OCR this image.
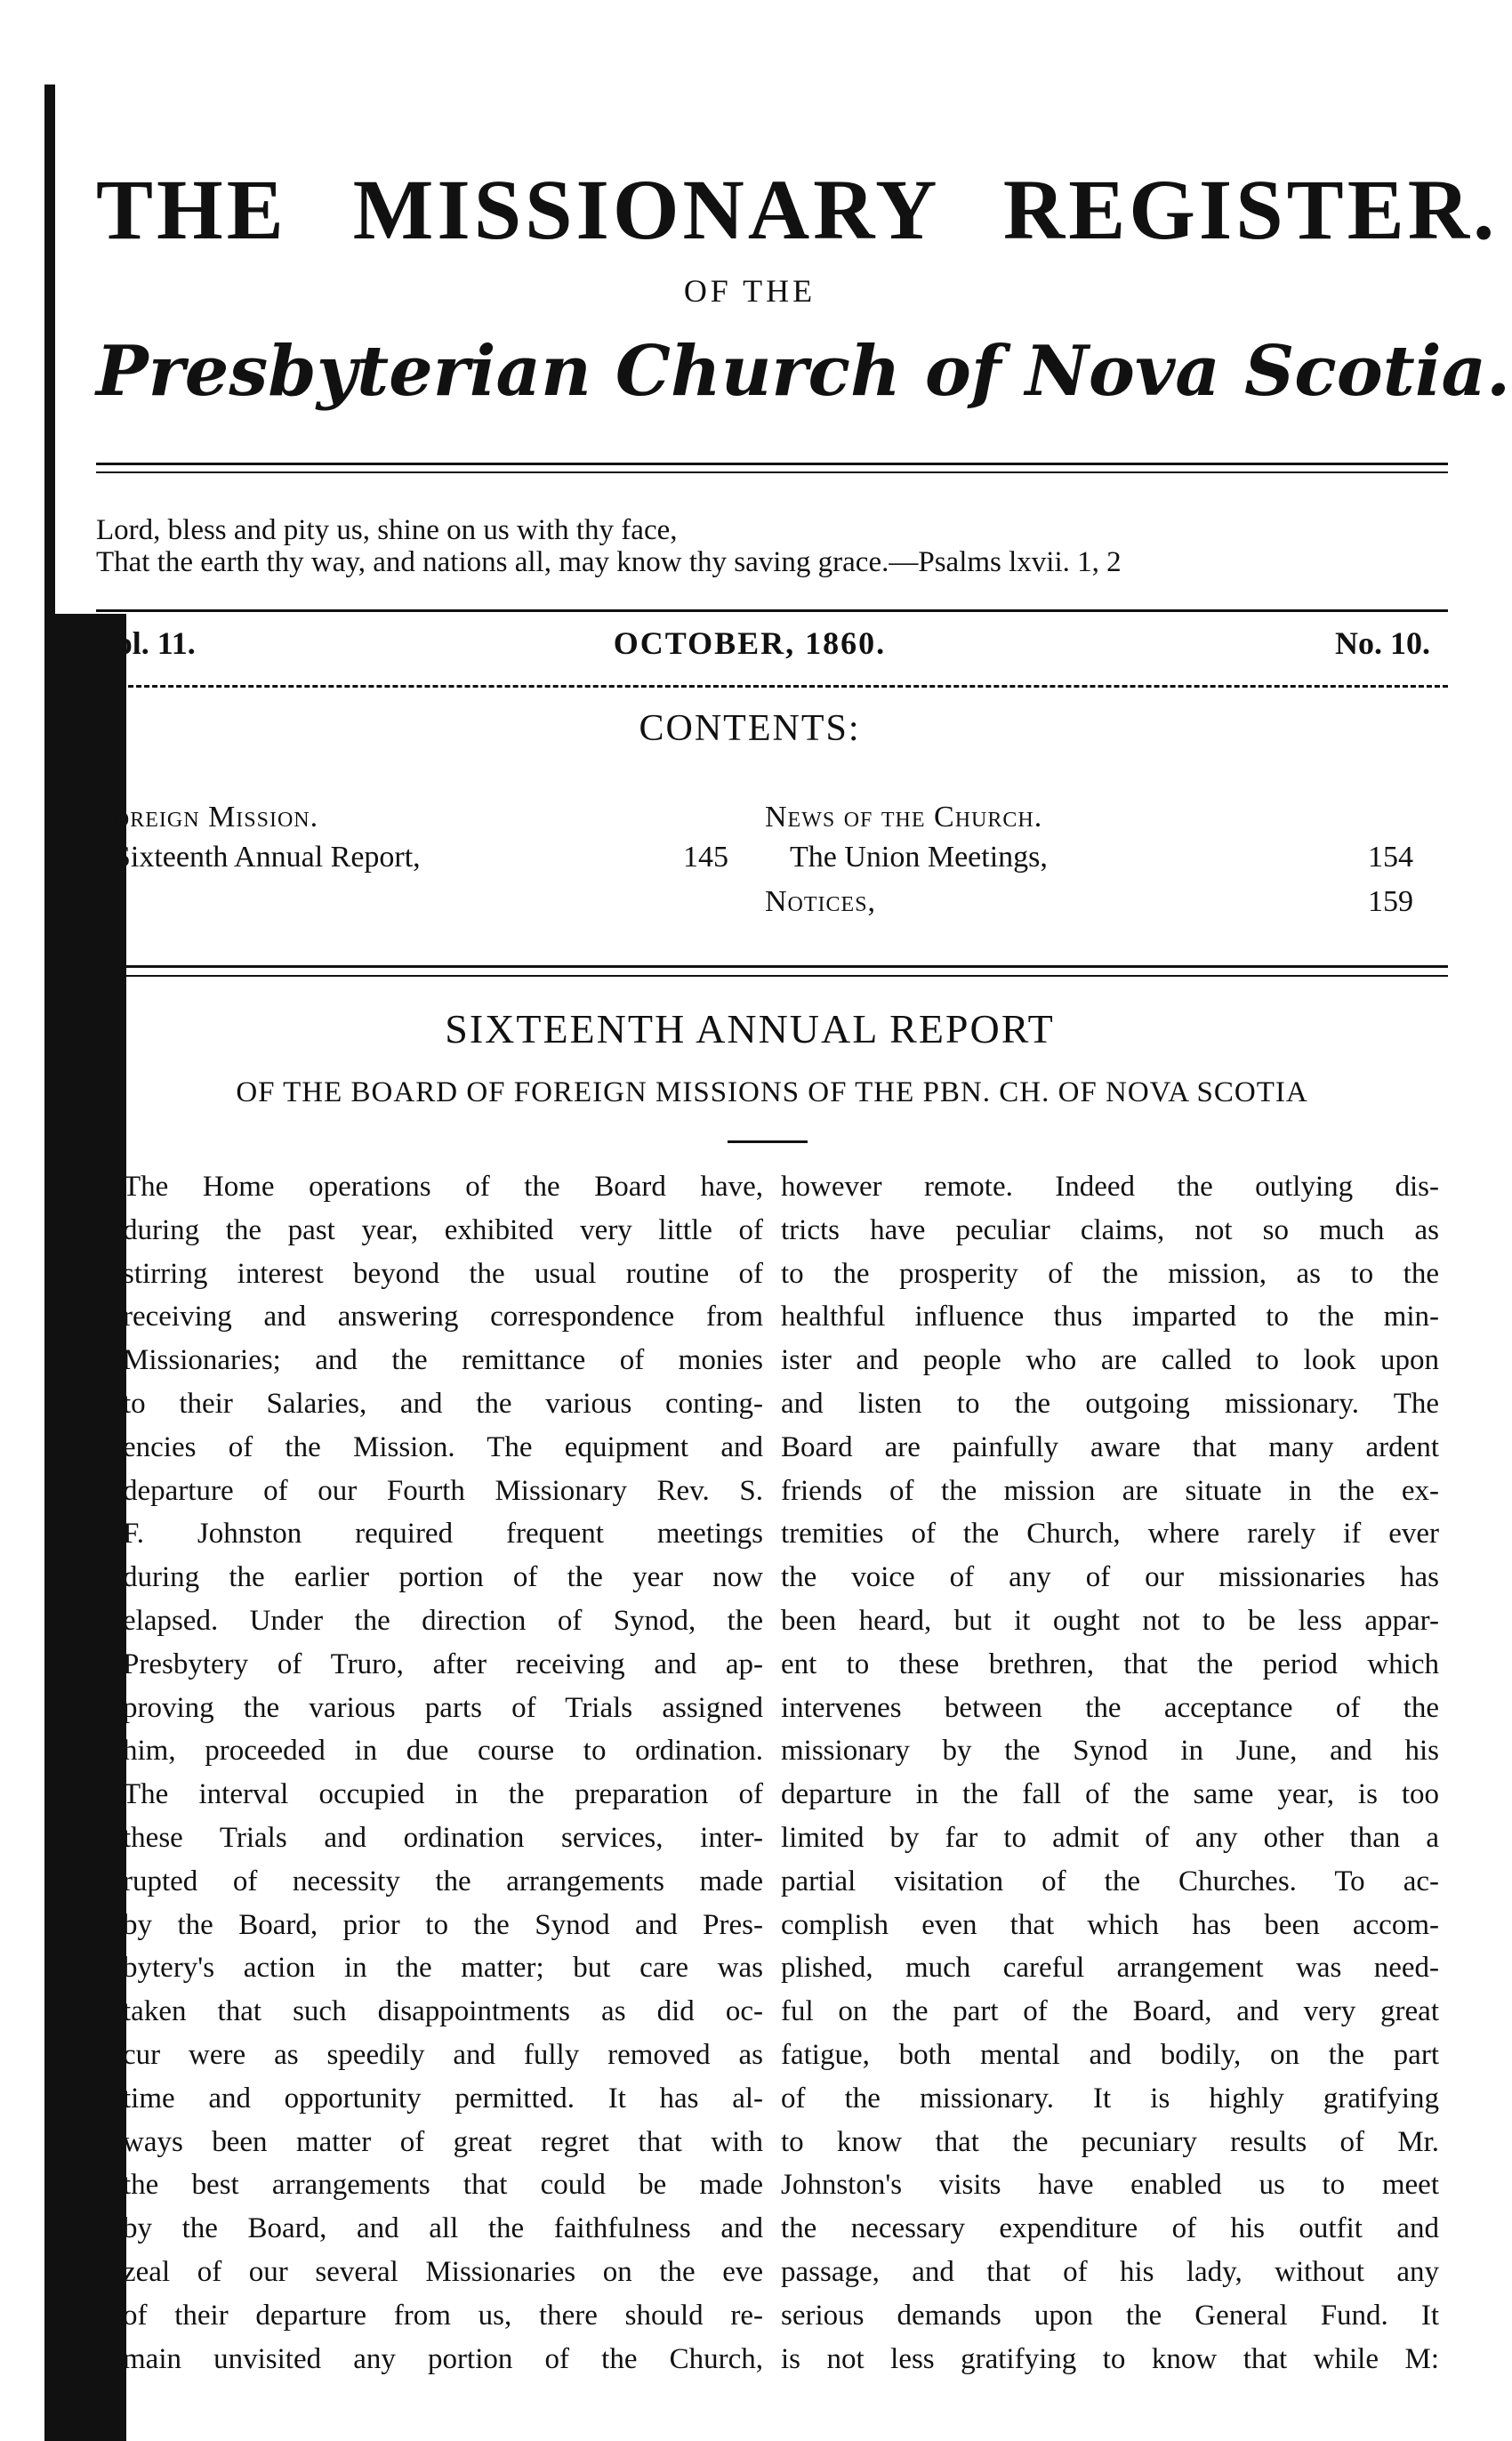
THE MISSIONARY REGISTER.
OF THE
Presbyterian Church of Nova Scotia.
Lord, bless and pity us, shine on us with thy face,
That the earth thy way, and nations all, may know thy saving grace.—Psalms lxvii. 1, 2
Vol. 11.	OCTOBER, 1860.	No. 10.
CONTENTS:
Foreign Mission.
Sixteenth Annual Report,	145
News of the Church.
The Union Meetings,	154
Notices,	159
SIXTEENTH ANNUAL REPORT
OF THE BOARD OF FOREIGN MISSIONS OF THE PBN. CH. OF NOVA SCOTIA
The Home operations of the Board have,
during the past year, exhibited very little of
stirring interest beyond the usual routine of
receiving and answering correspondence from
Missionaries; and the remittance of monies
to their Salaries, and the various conting-
encies of the Mission. The equipment and
departure of our Fourth Missionary Rev. S.
F. Johnston required frequent meetings
during the earlier portion of the year now
elapsed. Under the direction of Synod, the
Presbytery of Truro, after receiving and ap-
proving the various parts of Trials assigned
him, proceeded in due course to ordination.
The interval occupied in the preparation of
these Trials and ordination services, inter-
rupted of necessity the arrangements made
by the Board, prior to the Synod and Pres-
bytery's action in the matter; but care was
taken that such disappointments as did oc-
cur were as speedily and fully removed as
time and opportunity permitted. It has al-
ways been matter of great regret that with
the best arrangements that could be made
by the Board, and all the faithfulness and
zeal of our several Missionaries on the eve
of their departure from us, there should re-
main unvisited any portion of the Church,
however remote. Indeed the outlying dis-
tricts have peculiar claims, not so much as
to the prosperity of the mission, as to the
healthful influence thus imparted to the min-
ister and people who are called to look upon
and listen to the outgoing missionary. The
Board are painfully aware that many ardent
friends of the mission are situate in the ex-
tremities of the Church, where rarely if ever
the voice of any of our missionaries has
been heard, but it ought not to be less appar-
ent to these brethren, that the period which
intervenes between the acceptance of the
missionary by the Synod in June, and his
departure in the fall of the same year, is too
limited by far to admit of any other than a
partial visitation of the Churches. To ac-
complish even that which has been accom-
plished, much careful arrangement was need-
ful on the part of the Board, and very great
fatigue, both mental and bodily, on the part
of the missionary. It is highly gratifying
to know that the pecuniary results of Mr.
Johnston's visits have enabled us to meet
the necessary expenditure of his outfit and
passage, and that of his lady, without any
serious demands upon the General Fund. It
is not less gratifying to know that while M:
